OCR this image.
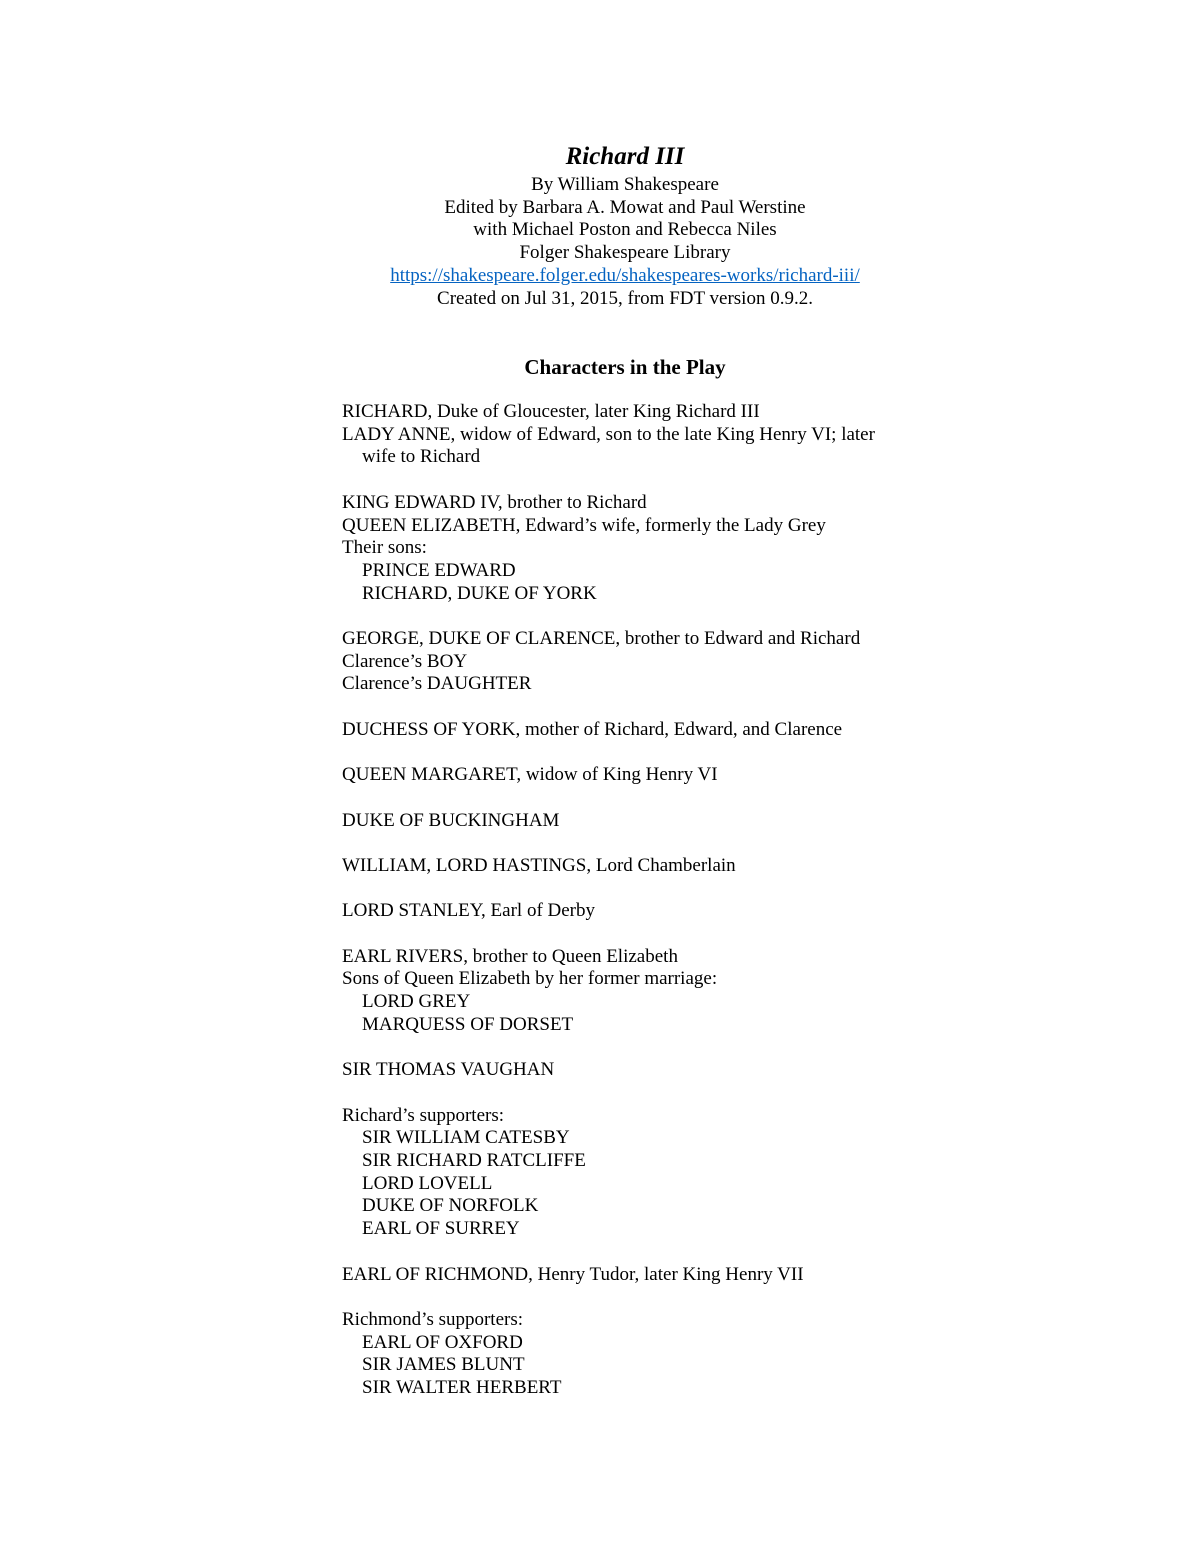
Richard III

By William Shakespeare

Edited by Barbara A. Mowat and Paul Werstine

with Michael Poston and Rebecca Niles

Folger Shakespeare Library

https://shakespeare.folger.edu/shakespeares-works/richard-iii/

Created on Jul 31, 2015, from FDT version 0.9.2.

Characters in the Play

RICHARD, Duke of Gloucester, later King Richard III

LADY ANNE, widow of Edward, son to the late King Henry VI; later

wife to Richard

KING EDWARD IV, brother to Richard

QUEEN ELIZABETH, Edward’s wife, formerly the Lady Grey

Their sons:

PRINCE EDWARD

RICHARD, DUKE OF YORK

GEORGE, DUKE OF CLARENCE, brother to Edward and Richard

Clarence’s BOY

Clarence’s DAUGHTER

DUCHESS OF YORK, mother of Richard, Edward, and Clarence

QUEEN MARGARET, widow of King Henry VI

DUKE OF BUCKINGHAM

WILLIAM, LORD HASTINGS, Lord Chamberlain

LORD STANLEY, Earl of Derby

EARL RIVERS, brother to Queen Elizabeth

Sons of Queen Elizabeth by her former marriage:

LORD GREY

MARQUESS OF DORSET

SIR THOMAS VAUGHAN

Richard’s supporters:

SIR WILLIAM CATESBY

SIR RICHARD RATCLIFFE

LORD LOVELL

DUKE OF NORFOLK

EARL OF SURREY

EARL OF RICHMOND, Henry Tudor, later King Henry VII

Richmond’s supporters:

EARL OF OXFORD

SIR JAMES BLUNT

SIR WALTER HERBERT
